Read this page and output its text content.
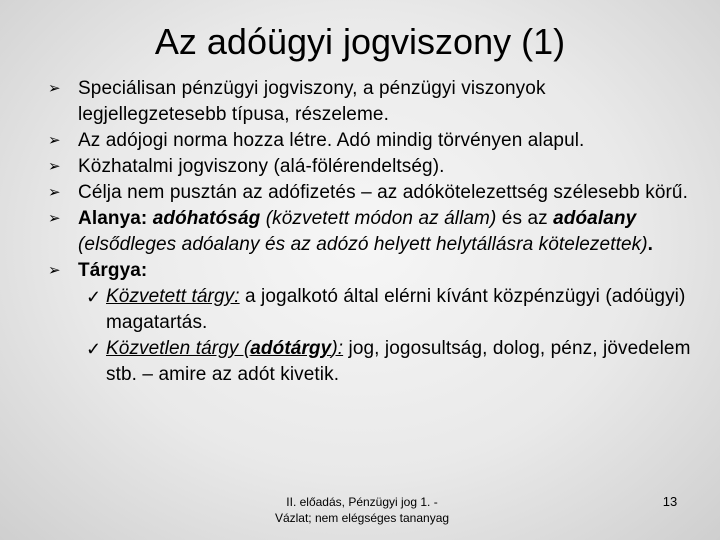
Az adóügyi jogviszony (1)
➢ Speciálisan pénzügyi jogviszony, a pénzügyi viszonyok legjellegzetesebb típusa, részeleme.
➢ Az adójogi norma hozza létre. Adó mindig törvényen alapul.
➢ Közhatalmi jogviszony (alá-fölérendeltség).
➢ Célja nem pusztán az adófizetés – az adókötelezettség szélesebb körű.
➢ Alanya: adóhatóság (közvetett módon az állam) és az adóalany (elsődleges adóalany és az adózó helyett helytállásra kötelezettek).
➢ Tárgya:
✓ Közvetett tárgy: a jogalkotó által elérni kívánt közpénzügyi (adóügyi) magatartás.
✓ Közvetlen tárgy (adótárgy): jog, jogosultság, dolog, pénz, jövedelem stb. – amire az adót kivetik.
II. előadás, Pénzügyi jog 1. -
Vázlat; nem elégséges tananyag
13
